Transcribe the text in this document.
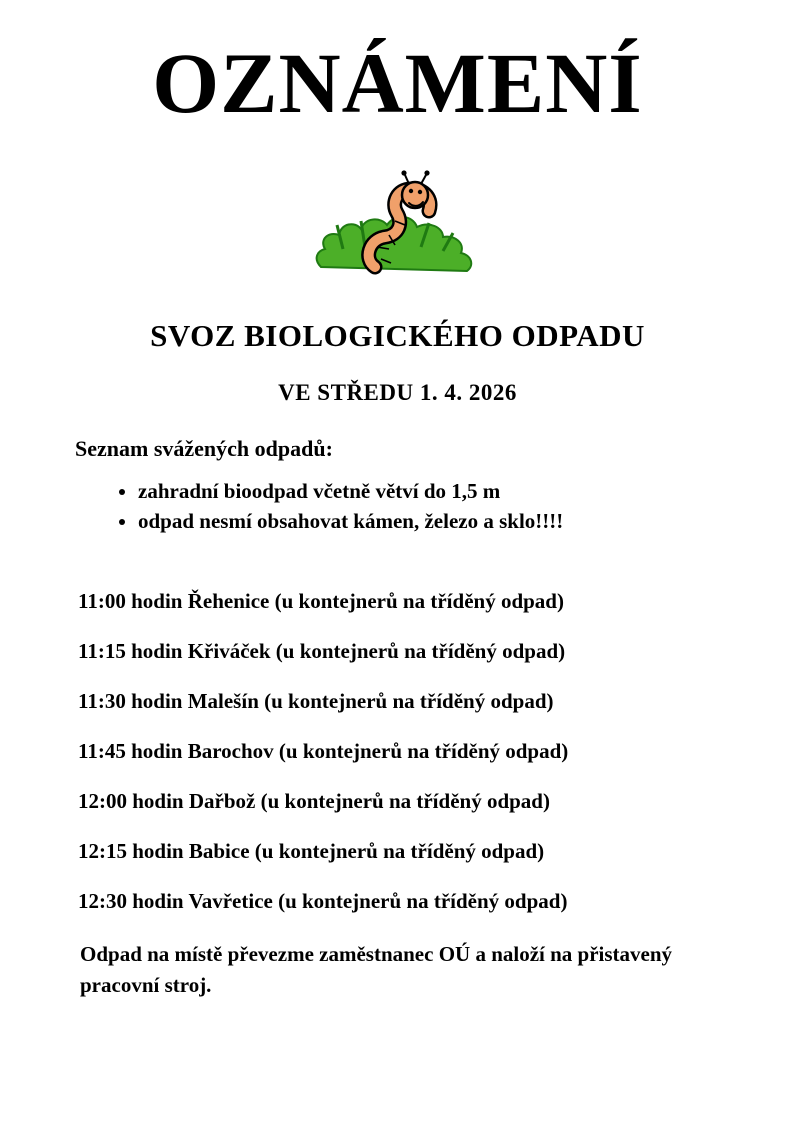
OZNÁMENÍ
SVOZ BIOLOGICKÉHO ODPADU
VE STŘEDU 1. 4. 2026
Seznam svážených odpadů:
• zahradní bioodpad včetně větví do 1,5 m
• odpad nesmí obsahovat kámen, železo a sklo!!!!
11:00 hodin Řehenice (u kontejnerů na tříděný odpad)
11:15 hodin Křiváček (u kontejnerů na tříděný odpad)
11:30 hodin Malešín (u kontejnerů na tříděný odpad)
11:45 hodin Barochov (u kontejnerů na tříděný odpad)
12:00 hodin Dařbož (u kontejnerů na tříděný odpad)
12:15 hodin Babice (u kontejnerů na tříděný odpad)
12:30 hodin Vavřetice (u kontejnerů na tříděný odpad)
Odpad na místě převezme zaměstnanec OÚ a naloží na přistavený pracovní stroj.
